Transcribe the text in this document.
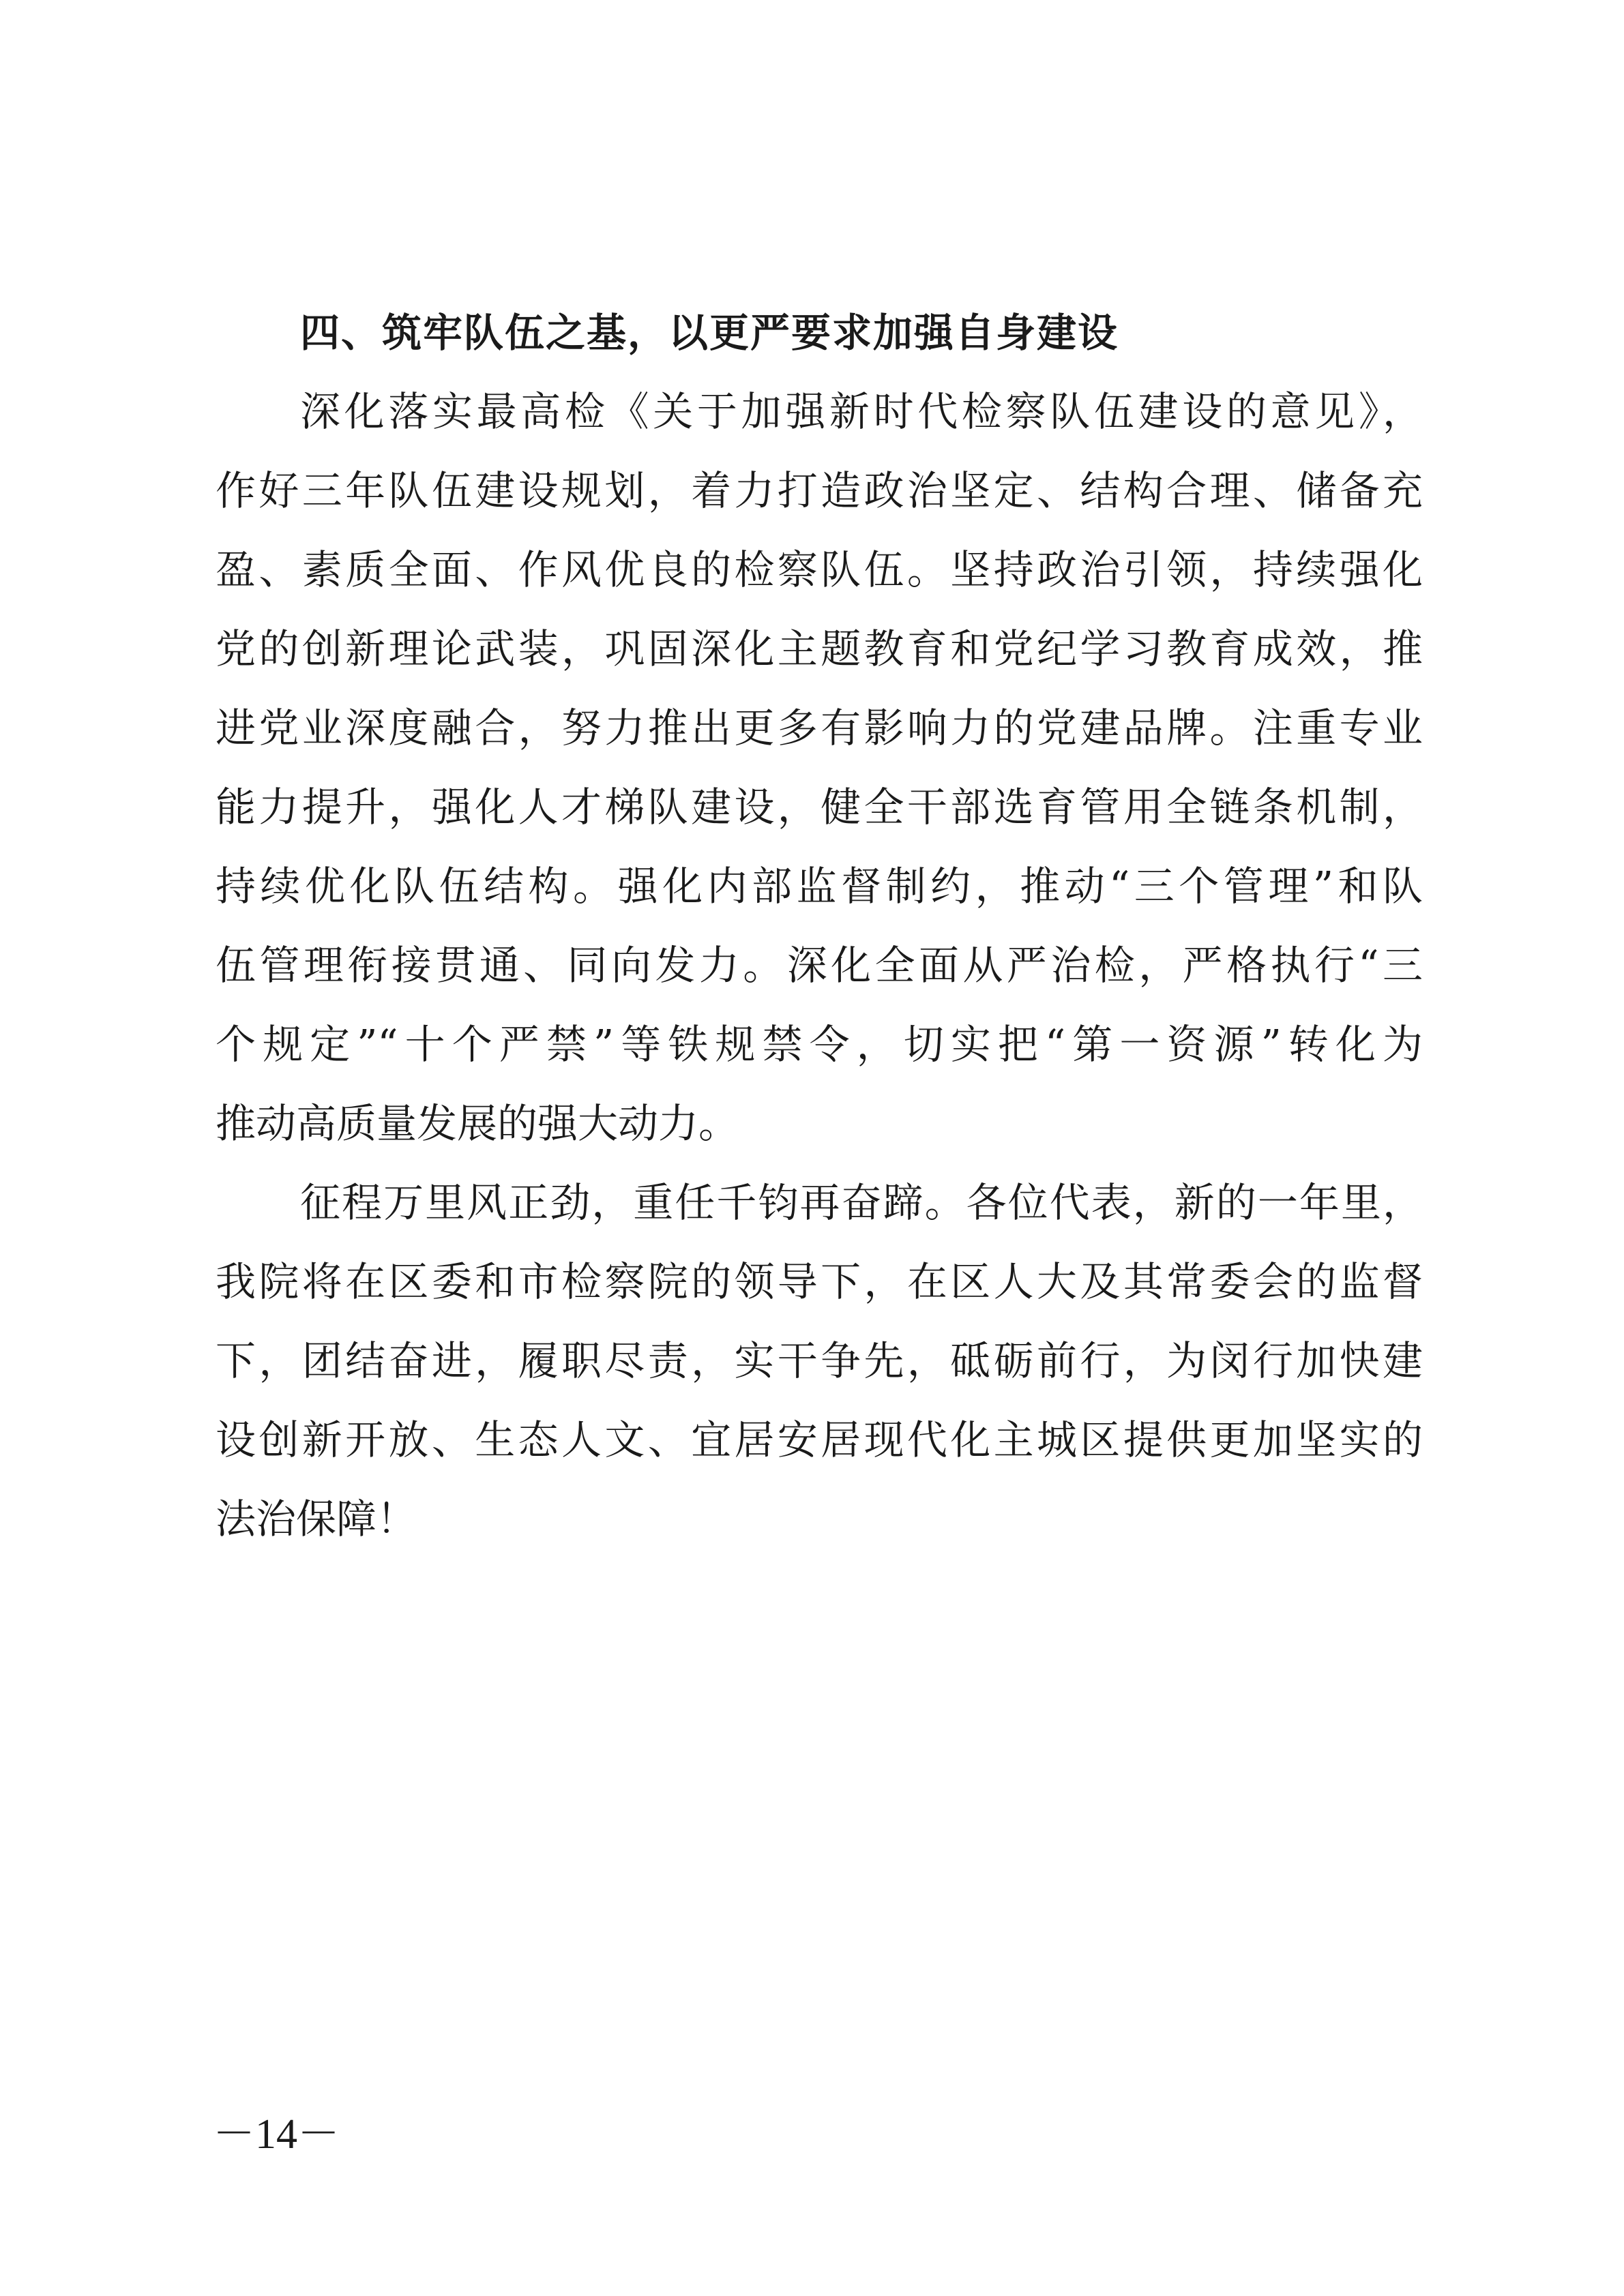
四、筑牢队伍之基，以更严要求加强自身建设

深化落实最高检《关于加强新时代检察队伍建设的意见》，

作好三年队伍建设规划，着力打造政治坚定、结构合理、储备充

盈、素质全面、作风优良的检察队伍。坚持政治引领，持续强化

党的创新理论武装，巩固深化主题教育和党纪学习教育成效，推

进党业深度融合，努力推出更多有影响力的党建品牌。注重专业

能力提升，强化人才梯队建设，健全干部选育管用全链条机制，

持续优化队伍结构。强化内部监督制约，推动“三个管理”和队

伍管理衔接贯通、同向发力。深化全面从严治检，严格执行“三

个规定”“十个严禁”等铁规禁令，切实把“第一资源”转化为

推动高质量发展的强大动力。

征程万里风正劲，重任千钧再奋蹄。各位代表，新的一年里，

我院将在区委和市检察院的领导下，在区人大及其常委会的监督

下，团结奋进，履职尽责，实干争先，砥砺前行，为闵行加快建

设创新开放、生态人文、宜居安居现代化主城区提供更加坚实的

法治保障！

－14－
